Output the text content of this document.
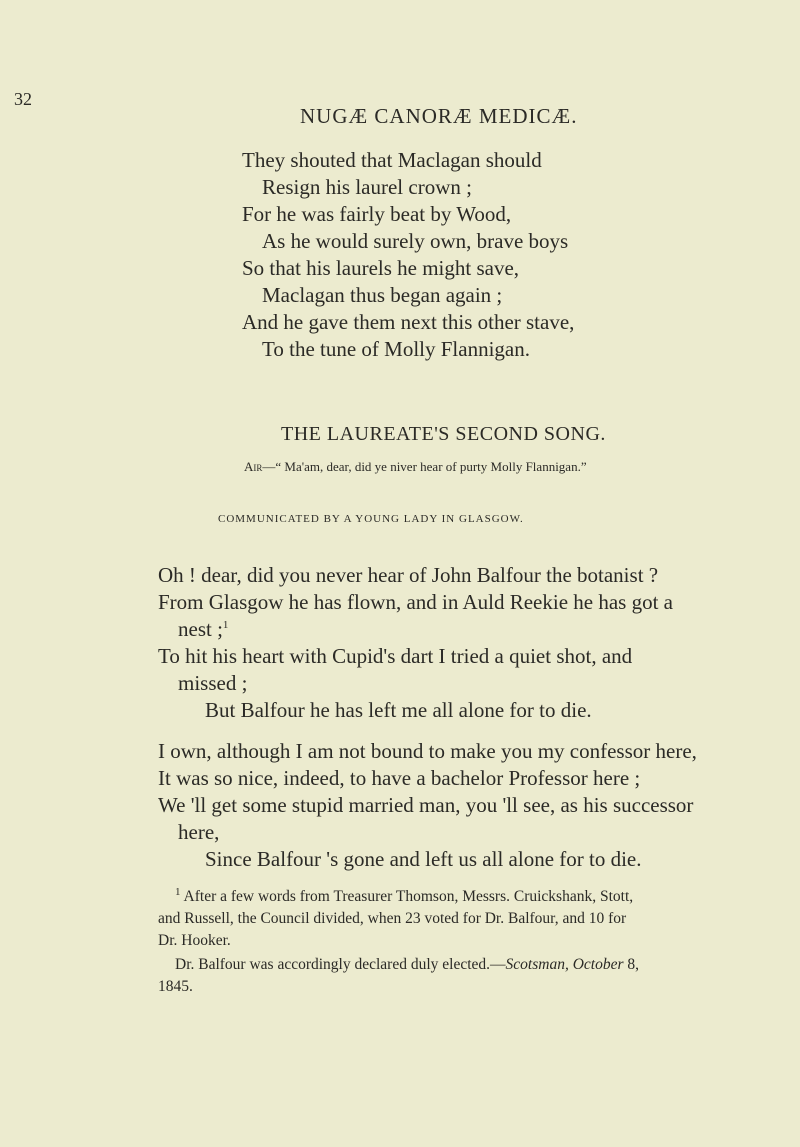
32
NUGÆ CANORÆ MEDICÆ.
They shouted that Maclagan should
Resign his laurel crown ;
For he was fairly beat by Wood,
As he would surely own, brave boys
So that his laurels he might save,
Maclagan thus began again ;
And he gave them next this other stave,
To the tune of Molly Flannigan.
THE LAUREATE'S SECOND SONG.
Air—“ Ma'am, dear, did ye niver hear of purty Molly Flannigan.”
COMMUNICATED BY A YOUNG LADY IN GLASGOW.
Oh ! dear, did you never hear of John Balfour the botanist ?
From Glasgow he has flown, and in Auld Reekie he has got a
nest ;$^1$
To hit his heart with Cupid's dart I tried a quiet shot, and
missed ;
But Balfour he has left me all alone for to die.
I own, although I am not bound to make you my confessor here,
It was so nice, indeed, to have a bachelor Professor here ;
We 'll get some stupid married man, you 'll see, as his successor
here,
Since Balfour 's gone and left us all alone for to die.
$^1$ After a few words from Treasurer Thomson, Messrs. Cruickshank, Stott,
and Russell, the Council divided, when 23 voted for Dr. Balfour, and 10 for
Dr. Hooker.
Dr. Balfour was accordingly declared duly elected.—Scotsman, October 8,
1845.
